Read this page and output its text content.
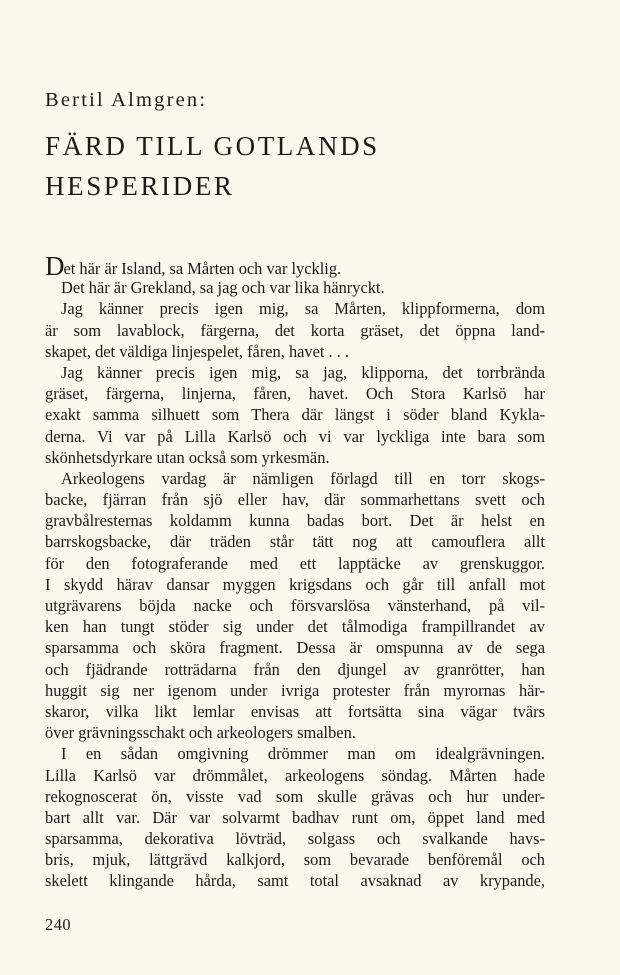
Bertil Almgren:
FÄRD TILL GOTLANDS
HESPERIDER
Det här är Island, sa Mårten och var lycklig.
Det här är Grekland, sa jag och var lika hänryckt.
Jag känner precis igen mig, sa Mårten, klippformerna, dom
är som lavablock, färgerna, det korta gräset, det öppna land-
skapet, det väldiga linjespelet, fåren, havet . . .
Jag känner precis igen mig, sa jag, klipporna, det torrbrända
gräset, färgerna, linjerna, fåren, havet. Och Stora Karlsö har
exakt samma silhuett som Thera där längst i söder bland Kykla-
derna. Vi var på Lilla Karlsö och vi var lyckliga inte bara som
skönhetsdyrkare utan också som yrkesmän.
Arkeologens vardag är nämligen förlagd till en torr skogs-
backe, fjärran från sjö eller hav, där sommarhettans svett och
gravbålresternas koldamm kunna badas bort. Det är helst en
barrskogsbacke, där träden står tätt nog att camouflera allt
för den fotograferande med ett lapptäcke av grenskuggor.
I skydd härav dansar myggen krigsdans och går till anfall mot
utgrävarens böjda nacke och försvarslösa vänsterhand, på vil-
ken han tungt stöder sig under det tålmodiga frampillrandet av
sparsamma och sköra fragment. Dessa är omspunna av de sega
och fjädrande rotträdarna från den djungel av granrötter, han
huggit sig ner igenom under ivriga protester från myrornas här-
skaror, vilka likt lemlar envisas att fortsätta sina vägar tvärs
över grävningsschakt och arkeologers smalben.
I en sådan omgivning drömmer man om idealgrävningen.
Lilla Karlsö var drömmålet, arkeologens söndag. Mårten hade
rekognoscerat ön, visste vad som skulle grävas och hur under-
bart allt var. Där var solvarmt badhav runt om, öppet land med
sparsamma, dekorativa lövträd, solgass och svalkande havs-
bris, mjuk, lättgrävd kalkjord, som bevarade benföremål och
skelett klingande hårda, samt total avsaknad av krypande,
240
